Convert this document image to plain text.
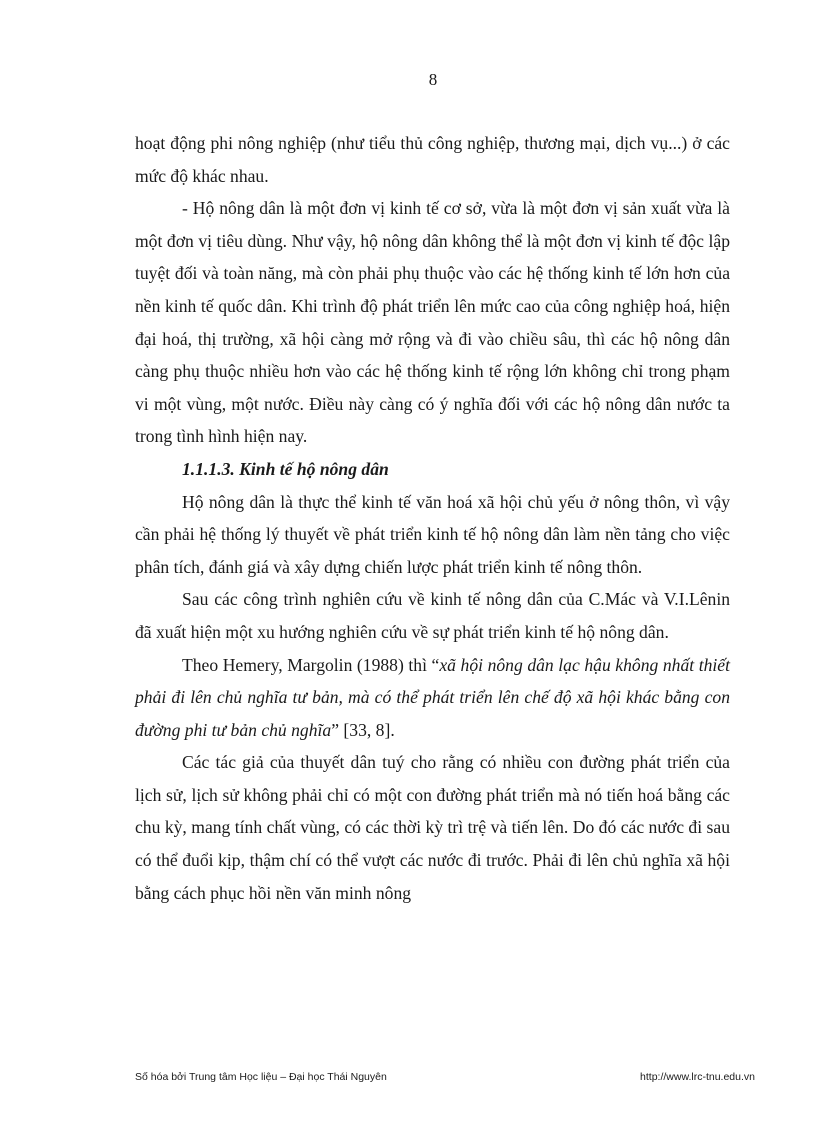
8

hoạt động phi nông nghiệp (như tiểu thủ công nghiệp, thương mại, dịch vụ...) ở các mức độ khác nhau.

- Hộ nông dân là một đơn vị kinh tế cơ sở, vừa là một đơn vị sản xuất vừa là một đơn vị tiêu dùng. Như vậy, hộ nông dân không thể là một đơn vị kinh tế độc lập tuyệt đối và toàn năng, mà còn phải phụ thuộc vào các hệ thống kinh tế lớn hơn của nền kinh tế quốc dân. Khi trình độ phát triển lên mức cao của công nghiệp hoá, hiện đại hoá, thị trường, xã hội càng mở rộng và đi vào chiều sâu, thì các hộ nông dân càng phụ thuộc nhiều hơn vào các hệ thống kinh tế rộng lớn không chỉ trong phạm vi một vùng, một nước. Điều này càng có ý nghĩa đối với các hộ nông dân nước ta trong tình hình hiện nay.

1.1.1.3. Kinh tế hộ nông dân

Hộ nông dân là thực thể kinh tế văn hoá xã hội chủ yếu ở nông thôn, vì vậy cần phải hệ thống lý thuyết về phát triển kinh tế hộ nông dân làm nền tảng cho việc phân tích, đánh giá và xây dựng chiến lược phát triển kinh tế nông thôn.

Sau các công trình nghiên cứu về kinh tế nông dân của C.Mác và V.I.Lênin đã xuất hiện một xu hướng nghiên cứu về sự phát triển kinh tế hộ nông dân.

Theo Hemery, Margolin (1988) thì “xã hội nông dân lạc hậu không nhất thiết phải đi lên chủ nghĩa tư bản, mà có thể phát triển lên chế độ xã hội khác bằng con đường phi tư bản chủ nghĩa” [33, 8].

Các tác giả của thuyết dân tuý cho rằng có nhiều con đường phát triển của lịch sử, lịch sử không phải chỉ có một con đường phát triển mà nó tiến hoá bằng các chu kỳ, mang tính chất vùng, có các thời kỳ trì trệ và tiến lên. Do đó các nước đi sau có thể đuổi kịp, thậm chí có thể vượt các nước đi trước. Phải đi lên chủ nghĩa xã hội bằng cách phục hồi nền văn minh nông

Số hóa bởi Trung tâm Học liệu – Đại học Thái Nguyên	http://www.lrc-tnu.edu.vn
